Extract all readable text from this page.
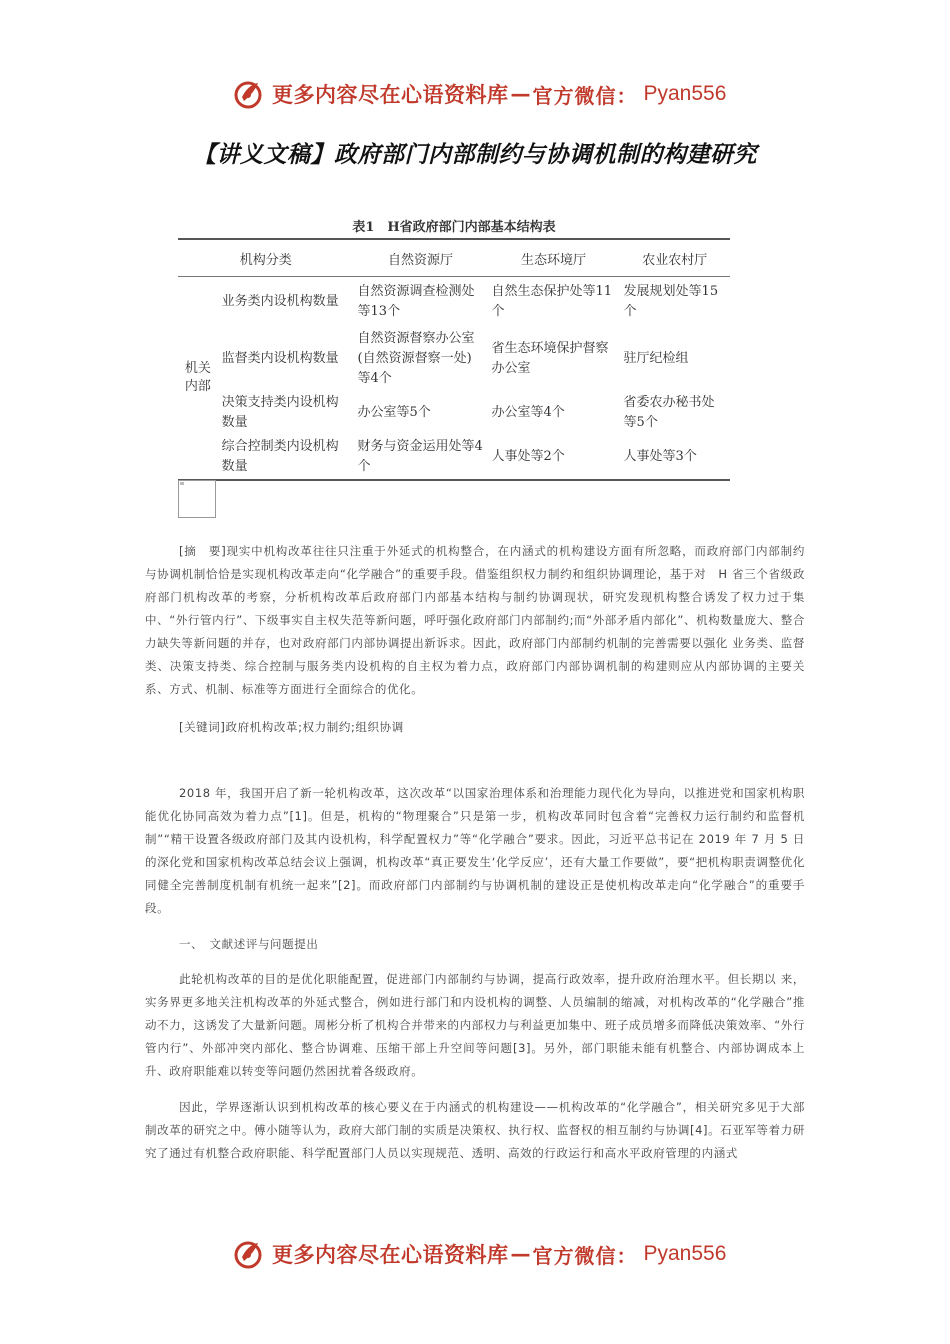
更多内容尽在心语资料库 — 官方微信： Pyan556
【讲义文稿】政府部门内部制约与协调机制的构建研究
表1　H省政府部门内部基本结构表
机构分类		自然资源厅	生态环境厅	农业农村厅
机关内部	业务类内设机构数量	自然资源调查检测处等13个	自然生态保护处等11个	发展规划处等15个
	监督类内设机构数量	自然资源督察办公室(自然资源督察一处)等4个	省生态环境保护督察办公室	驻厅纪检组
	决策支持类内设机构数量	办公室等5个	办公室等4个	省委农办秘书处等5个
	综合控制类内设机构数量	财务与资金运用处等4个	人事处等2个	人事处等3个
[摘　要]现实中机构改革往往只注重于外延式的机构整合，在内涵式的机构建设方面有所忽略，而政府部门内部制约与协调机制恰恰是实现机构改革走向“化学融合”的重要手段。借鉴组织权力制约和组织协调理论，基于对　H 省三个省级政府部门机构改革的考察，分析机构改革后政府部门内部基本结构与制约协调现状，研究发现机构整合诱发了权力过于集中、“外行管内行”、下级事实自主权失范等新问题，呼吁强化政府部门内部制约;而“外部矛盾内部化”、机构数量庞大、整合力缺失等新问题的并存，也对政府部门内部协调提出新诉求。因此，政府部门内部制约机制的完善需要以强化 业务类、监督类、决策支持类、综合控制与服务类内设机构的自主权为着力点，政府部门内部协调机制的构建则应从内部协调的主要关系、方式、机制、标准等方面进行全面综合的优化。
[关键词]政府机构改革;权力制约;组织协调
2018 年，我国开启了新一轮机构改革，这次改革“以国家治理体系和治理能力现代化为导向，以推进党和国家机构职能优化协同高效为着力点”[1]。但是，机构的“物理聚合”只是第一步，机构改革同时包含着“完善权力运行制约和监督机制”“精干设置各级政府部门及其内设机构，科学配置权力”等“化学融合”要求。因此，习近平总书记在 2019 年 7 月 5 日的深化党和国家机构改革总结会议上强调，机构改革“真正要发生‘化学反应’，还有大量工作要做”，要“把机构职责调整优化同健全完善制度机制有机统一起来”[2]。而政府部门内部制约与协调机制的建设正是使机构改革走向“化学融合”的重要手段。
一、　文献述评与问题提出
此轮机构改革的目的是优化职能配置，促进部门内部制约与协调，提高行政效率，提升政府治理水平。但长期以 来，实务界更多地关注机构改革的外延式整合，例如进行部门和内设机构的调整、人员编制的缩减，对机构改革的“化学融合”推动不力，这诱发了大量新问题。周彬分析了机构合并带来的内部权力与利益更加集中、班子成员增多而降低决策效率、“外行管内行”、外部冲突内部化、整合协调难、压缩干部上升空间等问题[3]。另外，部门职能未能有机整合、内部协调成本上升、政府职能难以转变等问题仍然困扰着各级政府。
因此，学界逐渐认识到机构改革的核心要义在于内涵式的机构建设——机构改革的“化学融合”，相关研究多见于大部制改革的研究之中。傅小随等认为，政府大部门制的实质是决策权、执行权、监督权的相互制约与协调[4]。石亚军等着力研究了通过有机整合政府职能、科学配置部门人员以实现规范、透明、高效的行政运行和高水平政府管理的内涵式
更多内容尽在心语资料库 — 官方微信： Pyan556
